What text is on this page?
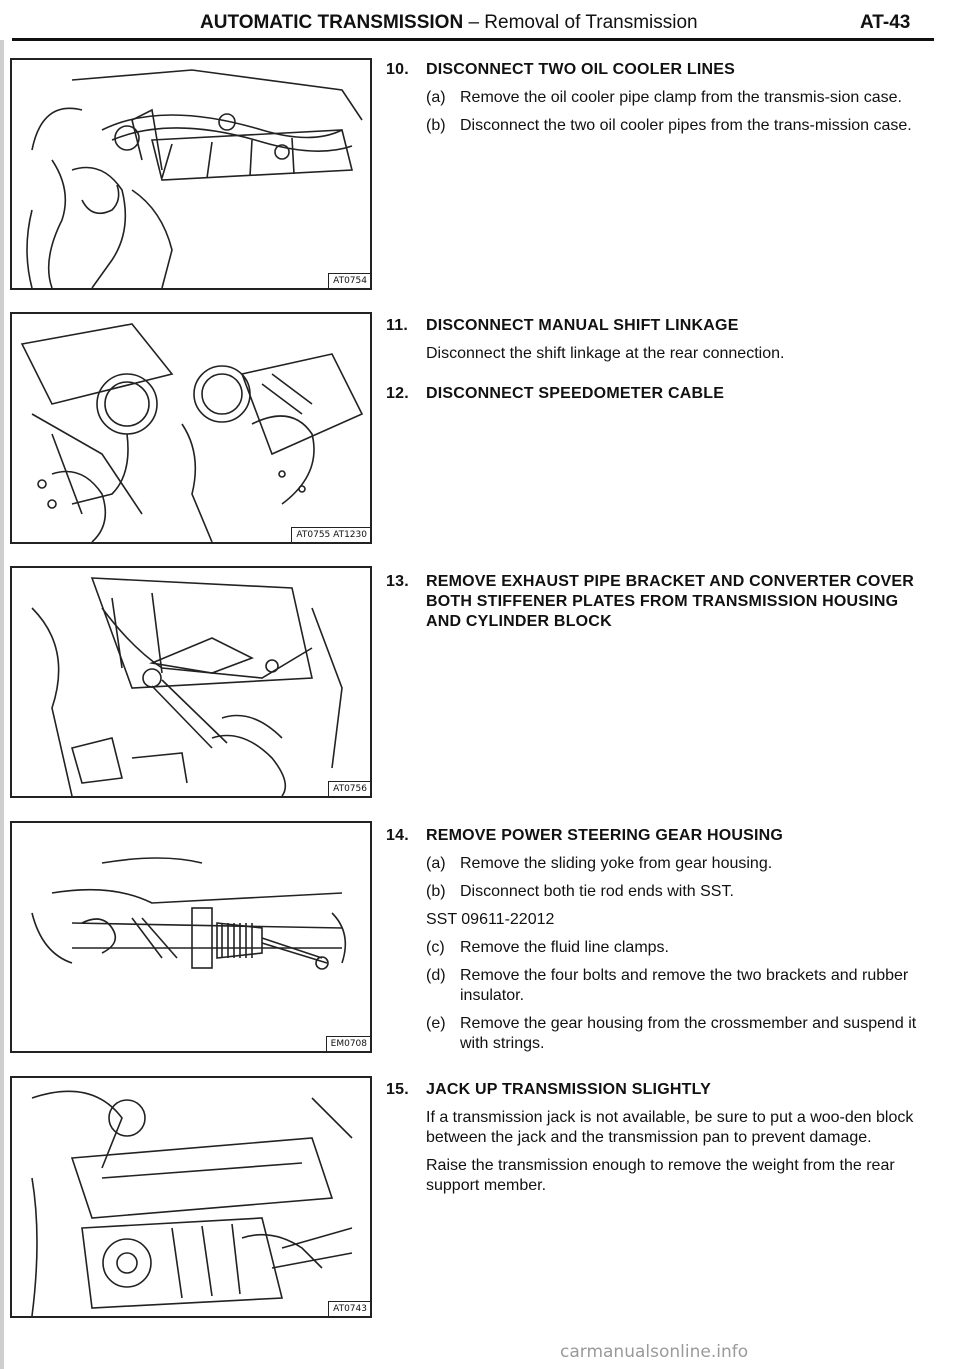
AUTOMATIC TRANSMISSION – Removal of Transmission	AT-43
AT0754
AT0755 AT1230
AT0756
EM0708
AT0743
10.	DISCONNECT TWO OIL COOLER LINES
(a) Remove the oil cooler pipe clamp from the transmis-sion case.
(b) Disconnect the two oil cooler pipes from the trans-mission case.
11.	DISCONNECT MANUAL SHIFT LINKAGE
Disconnect the shift linkage at the rear connection.
12.	DISCONNECT SPEEDOMETER CABLE
13.	REMOVE EXHAUST PIPE BRACKET AND CONVERTER COVER BOTH STIFFENER PLATES FROM TRANSMISSION HOUSING AND CYLINDER BLOCK
14.	REMOVE POWER STEERING GEAR HOUSING
(a) Remove the sliding yoke from gear housing.
(b) Disconnect both tie rod ends with SST.
SST 09611-22012
(c) Remove the fluid line clamps.
(d) Remove the four bolts and remove the two brackets and rubber insulator.
(e) Remove the gear housing from the crossmember and suspend it with strings.
15.	JACK UP TRANSMISSION SLIGHTLY
If a transmission jack is not available, be sure to put a woo-den block between the jack and the transmission pan to prevent damage.
Raise the transmission enough to remove the weight from the rear support member.
carmanualsonline.info
